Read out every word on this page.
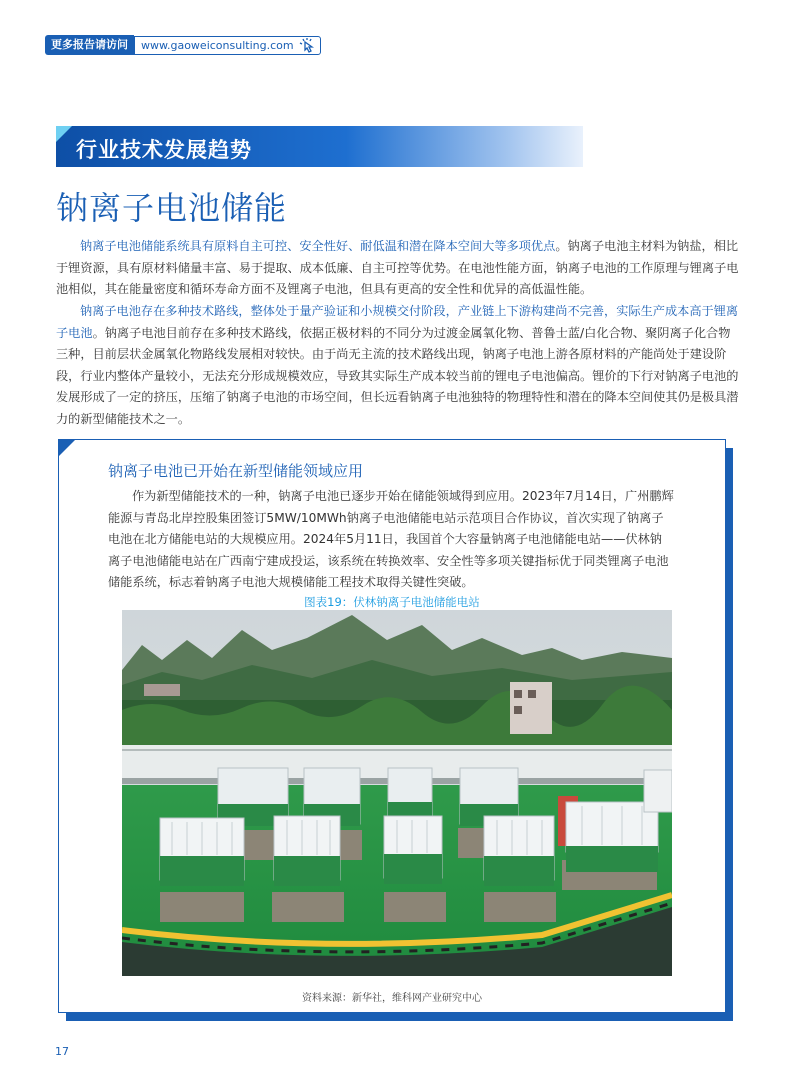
更多报告请访问	www.gaoweiconsulting.com
行业技术发展趋势
钠离子电池储能

钠离子电池储能系统具有原料自主可控、安全性好、耐低温和潜在降本空间大等多项优点。钠离子电池主材料为钠盐，相比于锂资源，具有原材料储量丰富、易于提取、成本低廉、自主可控等优势。在电池性能方面，钠离子电池的工作原理与锂离子电池相似，其在能量密度和循环寿命方面不及锂离子电池，但具有更高的安全性和优异的高低温性能。

钠离子电池存在多种技术路线，整体处于量产验证和小规模交付阶段，产业链上下游构建尚不完善，实际生产成本高于锂离子电池。钠离子电池目前存在多种技术路线，依据正极材料的不同分为过渡金属氧化物、普鲁士蓝/白化合物、聚阴离子化合物三种，目前层状金属氧化物路线发展相对较快。由于尚无主流的技术路线出现，钠离子电池上游各原材料的产能尚处于建设阶段，行业内整体产量较小，无法充分形成规模效应，导致其实际生产成本较当前的锂电子电池偏高。锂价的下行对钠离子电池的发展形成了一定的挤压，压缩了钠离子电池的市场空间，但长远看钠离子电池独特的物理特性和潜在的降本空间使其仍是极具潜力的新型储能技术之一。

钠离子电池已开始在新型储能领域应用

作为新型储能技术的一种，钠离子电池已逐步开始在储能领域得到应用。2023年7月14日，广州鹏辉能源与青岛北岸控股集团签订5MW/10MWh钠离子电池储能电站示范项目合作协议，首次实现了钠离子电池在北方储能电站的大规模应用。2024年5月11日，我国首个大容量钠离子电池储能电站——伏林钠离子电池储能电站在广西南宁建成投运，该系统在转换效率、安全性等多项关键指标优于同类锂离子电池储能系统，标志着钠离子电池大规模储能工程技术取得关键性突破。

图表19：伏林钠离子电池储能电站
资料来源：新华社，维科网产业研究中心
17
